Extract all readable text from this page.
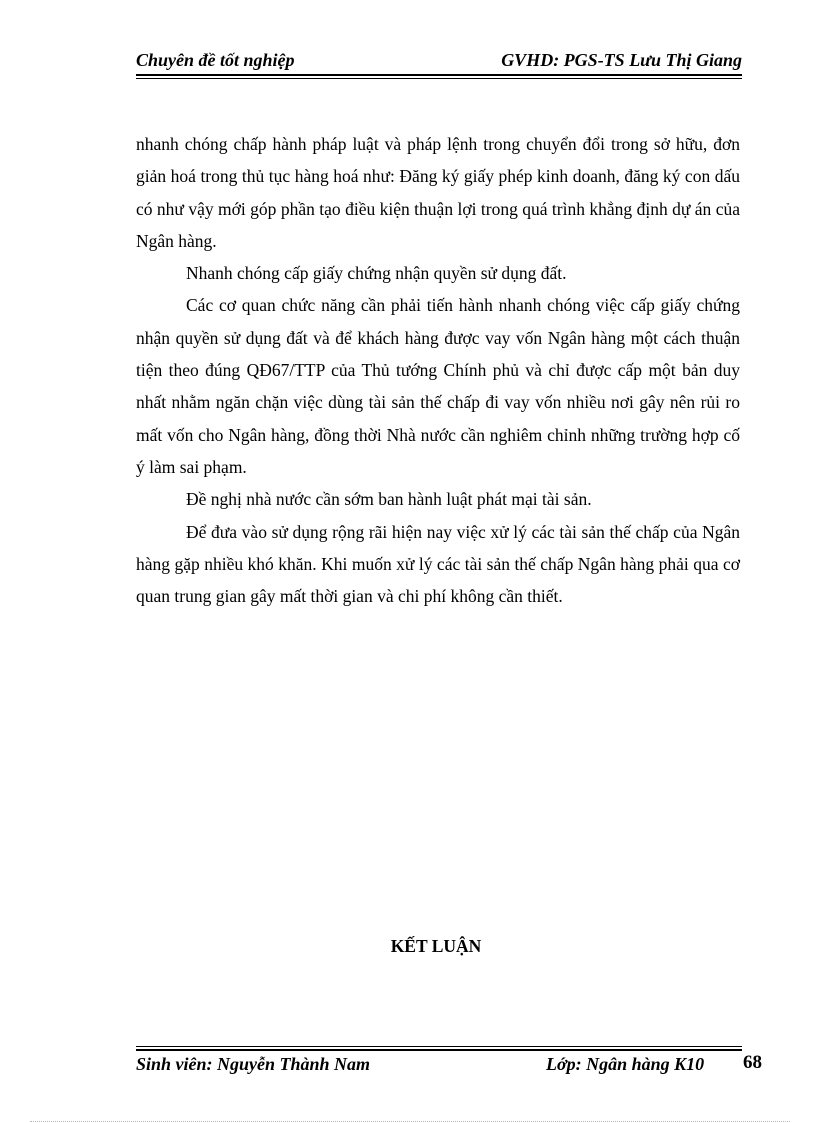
Chuyên đề tốt nghiệp	GVHD: PGS-TS Lưu Thị Giang

nhanh chóng chấp hành pháp luật và pháp lệnh trong chuyển đổi trong sở hữu, đơn giản hoá trong thủ tục hàng hoá như: Đăng ký giấy phép kinh doanh, đăng ký con dấu có như vậy mới góp phần tạo điều kiện thuận lợi trong quá trình khẳng định dự án của Ngân hàng.

Nhanh chóng cấp giấy chứng nhận quyền sử dụng đất.

Các cơ quan chức năng cần phải tiến hành nhanh chóng việc cấp giấy chứng nhận quyền sử dụng đất và để khách hàng được vay vốn Ngân hàng một cách thuận tiện theo đúng QĐ67/TTP của Thủ tướng Chính phủ và chỉ được cấp một bản duy nhất nhằm ngăn chặn việc dùng tài sản thế chấp đi vay vốn nhiều nơi gây nên rủi ro mất vốn cho Ngân hàng, đồng thời Nhà nước cần nghiêm chỉnh những trường hợp cố ý làm sai phạm.

Đề nghị nhà nước cần sớm ban hành luật phát mại tài sản.

Để đưa vào sử dụng rộng rãi hiện nay việc xử lý các tài sản thế chấp của Ngân hàng gặp nhiều khó khăn. Khi muốn xử lý các tài sản thế chấp Ngân hàng phải qua cơ quan trung gian gây mất thời gian và chi phí không cần thiết.

KẾT LUẬN
Sinh viên: Nguyễn Thành Nam	Lớp: Ngân hàng K10 68
